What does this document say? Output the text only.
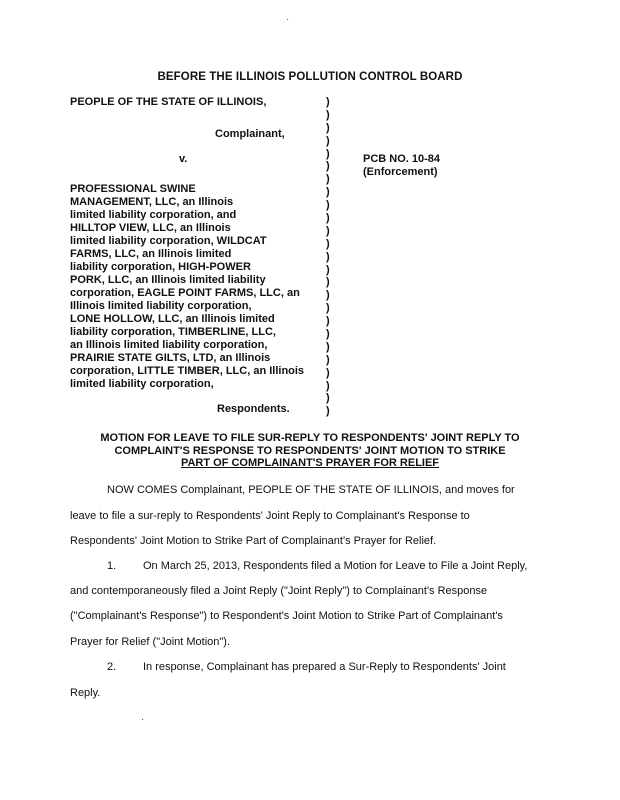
·
BEFORE THE ILLINOIS POLLUTION CONTROL BOARD
PEOPLE OF THE STATE OF ILLINOIS,
PROFESSIONAL SWINE
MANAGEMENT, LLC, an Illinois
limited liability corporation, and
HILLTOP VIEW, LLC, an Illinois
limited liability corporation, WILDCAT
FARMS, LLC, an Illinois limited
liability corporation, HIGH-POWER
PORK, LLC, an Illinois limited liability
corporation, EAGLE POINT FARMS, LLC, an
Illinois limited liability corporation,
LONE HOLLOW, LLC, an Illinois limited
liability corporation, TIMBERLINE, LLC,
an Illinois limited liability corporation,
PRAIRIE STATE GILTS, LTD, an Illinois
corporation, LITTLE TIMBER, LLC, an Illinois
limited liability corporation,
Complainant,
v.
Respondents.
)
)
)
)
)
)
)
)
)
)
)
)
)
)
)
)
)
)
)
)
)
)
)
)
)
PCB NO. 10-84
(Enforcement)
MOTION FOR LEAVE TO FILE SUR-REPLY TO RESPONDENTS' JOINT REPLY TO
COMPLAINT'S RESPONSE TO RESPONDENTS' JOINT MOTION TO STRIKE
PART OF COMPLAINANT'S PRAYER FOR RELIEF
NOW COMES Complainant, PEOPLE OF THE STATE OF ILLINOIS, and moves for
leave to file a sur-reply to Respondents' Joint Reply to Complainant's Response to
Respondents' Joint Motion to Strike Part of Complainant's Prayer for Relief.
1.	On March 25, 2013, Respondents filed a Motion for Leave to File a Joint Reply,
and contemporaneously filed a Joint Reply ("Joint Reply") to Complainant's Response
("Complainant's Response") to Respondent's Joint Motion to Strike Part of Complainant's
Prayer for Relief ("Joint Motion").
2.	In response, Complainant has prepared a Sur-Reply to Respondents' Joint
Reply.
·
